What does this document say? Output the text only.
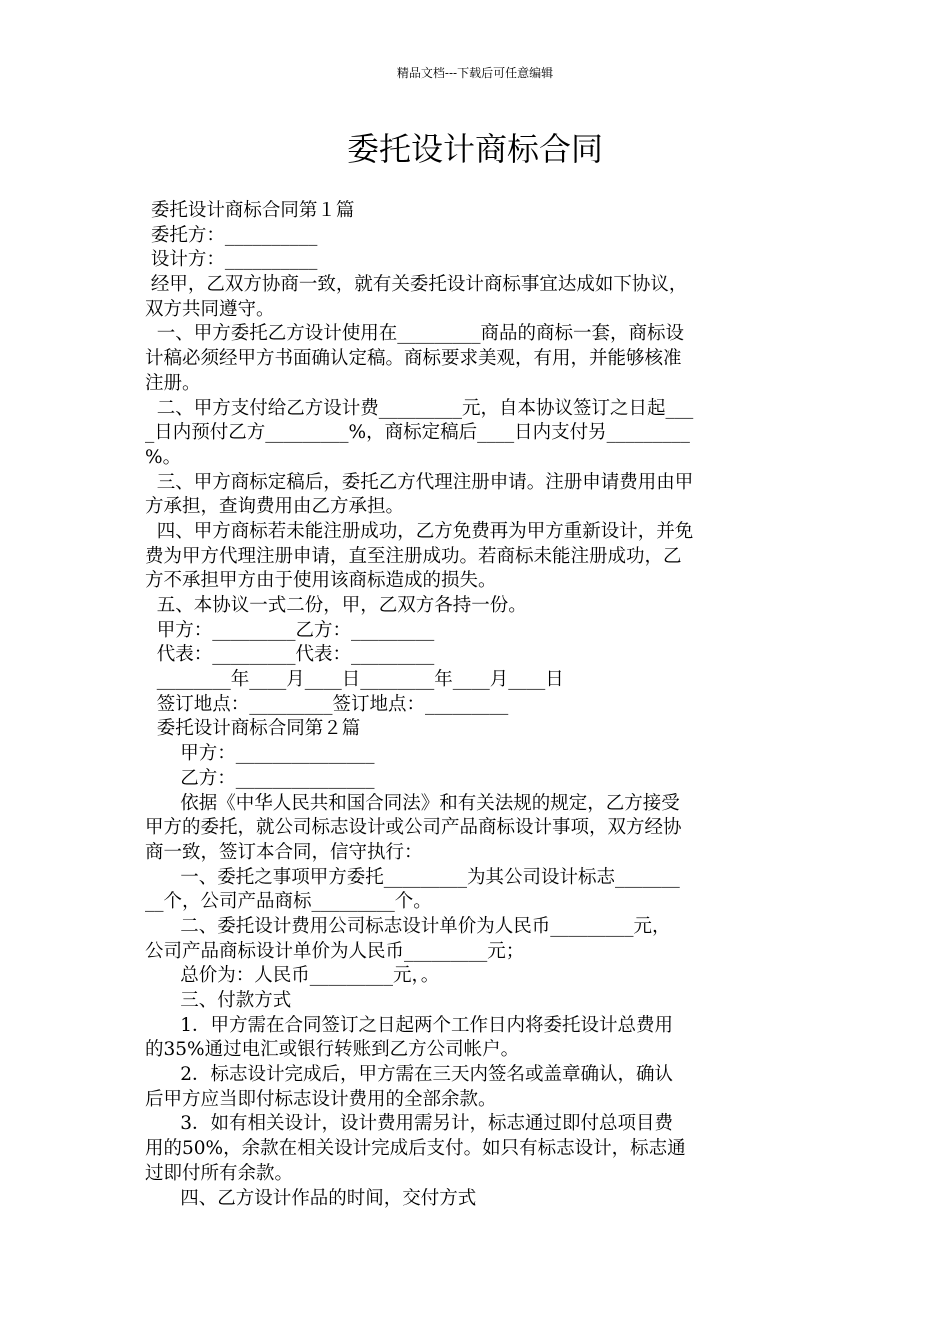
精品文档---下载后可任意编辑
委托设计商标合同
委托设计商标合同第１篇
委托方：__________
设计方：__________
经甲，乙双方协商一致，就有关委托设计商标事宜达成如下协议，
双方共同遵守。
一、甲方委托乙方设计使用在_________商品的商标一套，商标设
计稿必须经甲方书面确认定稿。商标要求美观，有用，并能够核准
注册。
二、甲方支付给乙方设计费_________元，自本协议签订之日起___
_日内预付乙方_________%，商标定稿后____日内支付另_________
%。
三、甲方商标定稿后，委托乙方代理注册申请。注册申请费用由甲
方承担，查询费用由乙方承担。
四、甲方商标若未能注册成功，乙方免费再为甲方重新设计，并免
费为甲方代理注册申请，直至注册成功。若商标未能注册成功，乙
方不承担甲方由于使用该商标造成的损失。
五、本协议一式二份，甲，乙双方各持一份。
甲方：_________乙方：_________
代表：_________代表：_________
________年____月____日________年____月____日
签订地点：_________签订地点：_________
委托设计商标合同第２篇
甲方：_______________
乙方：_______________
依据《中华人民共和国合同法》和有关法规的规定，乙方接受
甲方的委托，就公司标志设计或公司产品商标设计事项，双方经协
商一致，签订本合同，信守执行：
一、委托之事项甲方委托_________为其公司设计标志_______
__个，公司产品商标_________个。
二、委托设计费用公司标志设计单价为人民币_________元，
公司产品商标设计单价为人民币_________元；
总价为：人民币_________元，。
三、付款方式
1．甲方需在合同签订之日起两个工作日内将委托设计总费用
的35%通过电汇或银行转账到乙方公司帐户。
2．标志设计完成后，甲方需在三天内签名或盖章确认，确认
后甲方应当即付标志设计费用的全部余款。
3．如有相关设计，设计费用需另计，标志通过即付总项目费
用的50%，余款在相关设计完成后支付。如只有标志设计，标志通
过即付所有余款。
四、乙方设计作品的时间，交付方式
